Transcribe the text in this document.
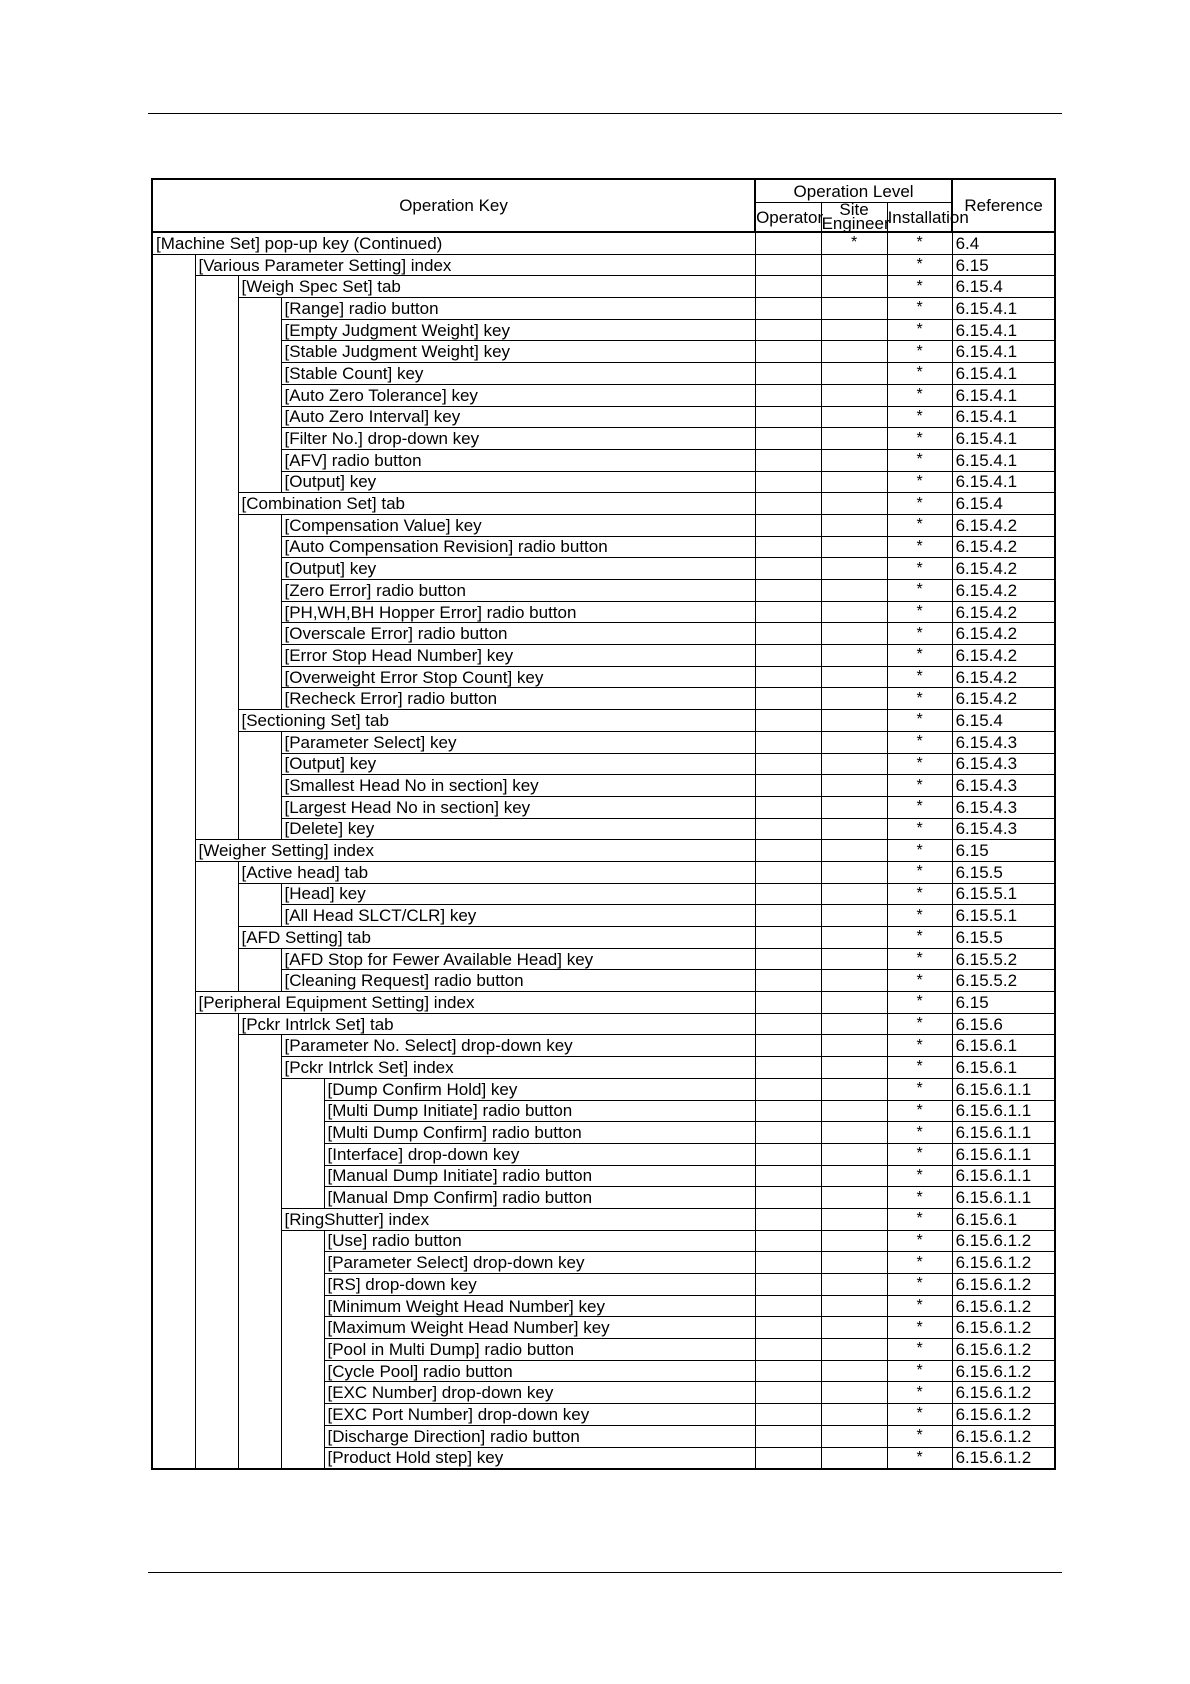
Operation Key					Operation Level			Reference
					Operator	Site Engineer	Installation	
[Machine Set] pop-up key (Continued)						*	*	6.4
	[Various Parameter Setting] index						*	6.15
		[Weigh Spec Set] tab					*	6.15.4
			[Range] radio button				*	6.15.4.1
			[Empty Judgment Weight] key				*	6.15.4.1
			[Stable Judgment Weight] key				*	6.15.4.1
			[Stable Count] key				*	6.15.4.1
			[Auto Zero Tolerance] key				*	6.15.4.1
			[Auto Zero Interval] key				*	6.15.4.1
			[Filter No.] drop-down key				*	6.15.4.1
			[AFV] radio button				*	6.15.4.1
			[Output] key				*	6.15.4.1
		[Combination Set] tab					*	6.15.4
			[Compensation Value] key				*	6.15.4.2
			[Auto Compensation Revision] radio button				*	6.15.4.2
			[Output] key				*	6.15.4.2
			[Zero Error] radio button				*	6.15.4.2
			[PH,WH,BH Hopper Error] radio button				*	6.15.4.2
			[Overscale Error] radio button				*	6.15.4.2
			[Error Stop Head Number] key				*	6.15.4.2
			[Overweight Error Stop Count] key				*	6.15.4.2
			[Recheck Error] radio button				*	6.15.4.2
		[Sectioning Set] tab					*	6.15.4
			[Parameter Select] key				*	6.15.4.3
			[Output] key				*	6.15.4.3
			[Smallest Head No in section] key				*	6.15.4.3
			[Largest Head No in section] key				*	6.15.4.3
			[Delete] key				*	6.15.4.3
	[Weigher Setting] index						*	6.15
		[Active head] tab					*	6.15.5
			[Head] key				*	6.15.5.1
			[All Head SLCT/CLR] key				*	6.15.5.1
		[AFD Setting] tab					*	6.15.5
			[AFD Stop for Fewer Available Head] key				*	6.15.5.2
			[Cleaning Request] radio button				*	6.15.5.2
	[Peripheral Equipment Setting] index						*	6.15
		[Pckr Intrlck Set] tab					*	6.15.6
			[Parameter No. Select] drop-down key				*	6.15.6.1
			[Pckr Intrlck Set] index				*	6.15.6.1
				[Dump Confirm Hold] key			*	6.15.6.1.1
				[Multi Dump Initiate] radio button			*	6.15.6.1.1
				[Multi Dump Confirm] radio button			*	6.15.6.1.1
				[Interface] drop-down key			*	6.15.6.1.1
				[Manual Dump Initiate] radio button			*	6.15.6.1.1
				[Manual Dmp Confirm] radio button			*	6.15.6.1.1
			[RingShutter] index				*	6.15.6.1
				[Use] radio button			*	6.15.6.1.2
				[Parameter Select] drop-down key			*	6.15.6.1.2
				[RS] drop-down key			*	6.15.6.1.2
				[Minimum Weight Head Number] key			*	6.15.6.1.2
				[Maximum Weight Head Number] key			*	6.15.6.1.2
				[Pool in Multi Dump] radio button			*	6.15.6.1.2
				[Cycle Pool] radio button			*	6.15.6.1.2
				[EXC Number] drop-down key			*	6.15.6.1.2
				[EXC Port Number] drop-down key			*	6.15.6.1.2
				[Discharge Direction] radio button			*	6.15.6.1.2
				[Product Hold step] key			*	6.15.6.1.2
